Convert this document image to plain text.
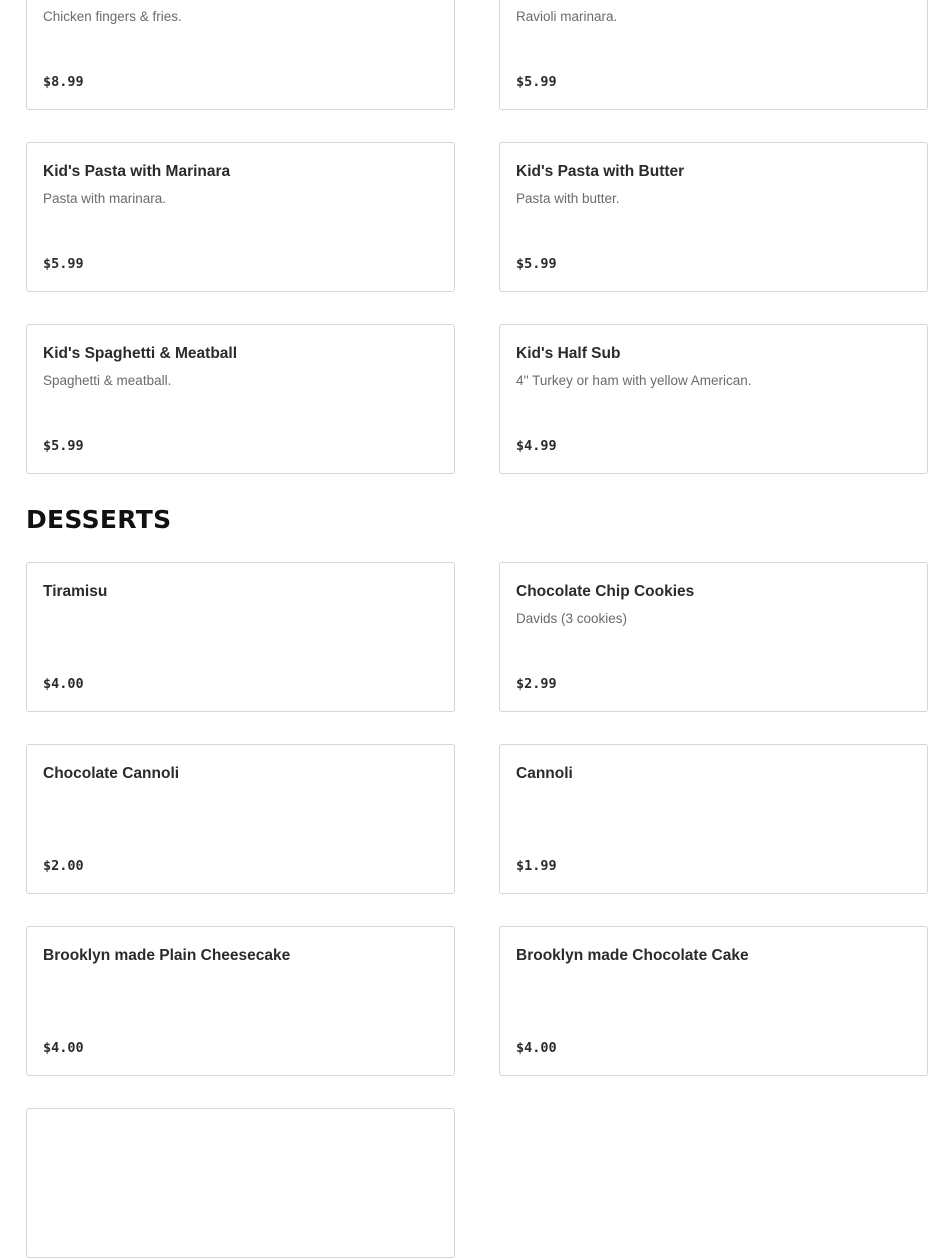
Chicken fingers & fries.
$8.99
Ravioli marinara.
$5.99
Kid's Pasta with Marinara
Pasta with marinara.
$5.99
Kid's Pasta with Butter
Pasta with butter.
$5.99
Kid's Spaghetti & Meatball
Spaghetti & meatball.
$5.99
Kid's Half Sub
4'' Turkey or ham with yellow American.
$4.99
DESSERTS
Tiramisu
$4.00
Chocolate Chip Cookies
Davids (3 cookies)
$2.99
Chocolate Cannoli
$2.00
Cannoli
$1.99
Brooklyn made Plain Cheesecake
$4.00
Brooklyn made Chocolate Cake
$4.00
